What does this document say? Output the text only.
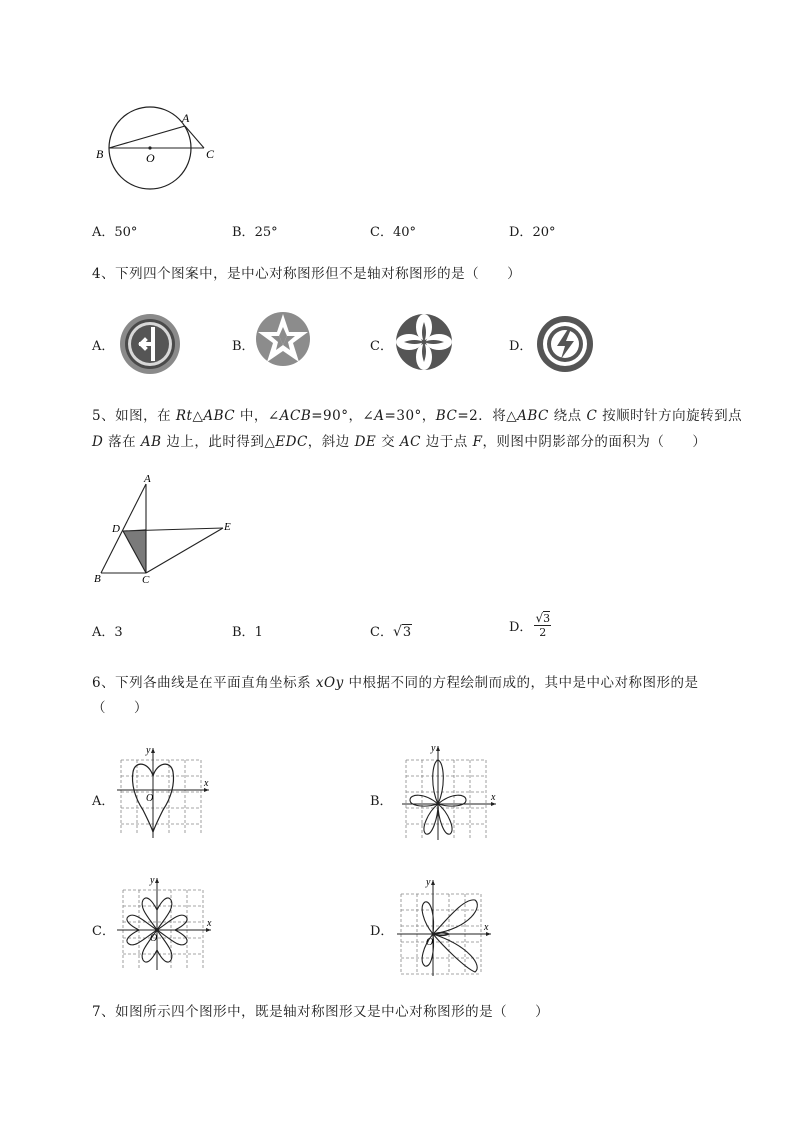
A
B	O	C
A．50°	B．25°	C．40°	D．20°
4、下列四个图案中，是中心对称图形但不是轴对称图形的是（　　）
A．	B．	C．	D．
5、如图，在 Rt△ABC 中，∠ACB=90°，∠A=30°，BC=2．将△ABC 绕点 C 按顺时针方向旋转到点
D 落在 AB 边上，此时得到△EDC，斜边 DE 交 AC 边于点 F，则图中阴影部分的面积为（　　）
A
D	E
B	C
A．3	B．1	C．√3	D．
√3
2
6、下列各曲线是在平面直角坐标系 xOy 中根据不同的方程绘制而成的，其中是中心对称图形的是
（　　）
A．
y
x
O	B．
y
x
C．
y
x
O	D．
y
x
O
7、如图所示四个图形中，既是轴对称图形又是中心对称图形的是（　　）
